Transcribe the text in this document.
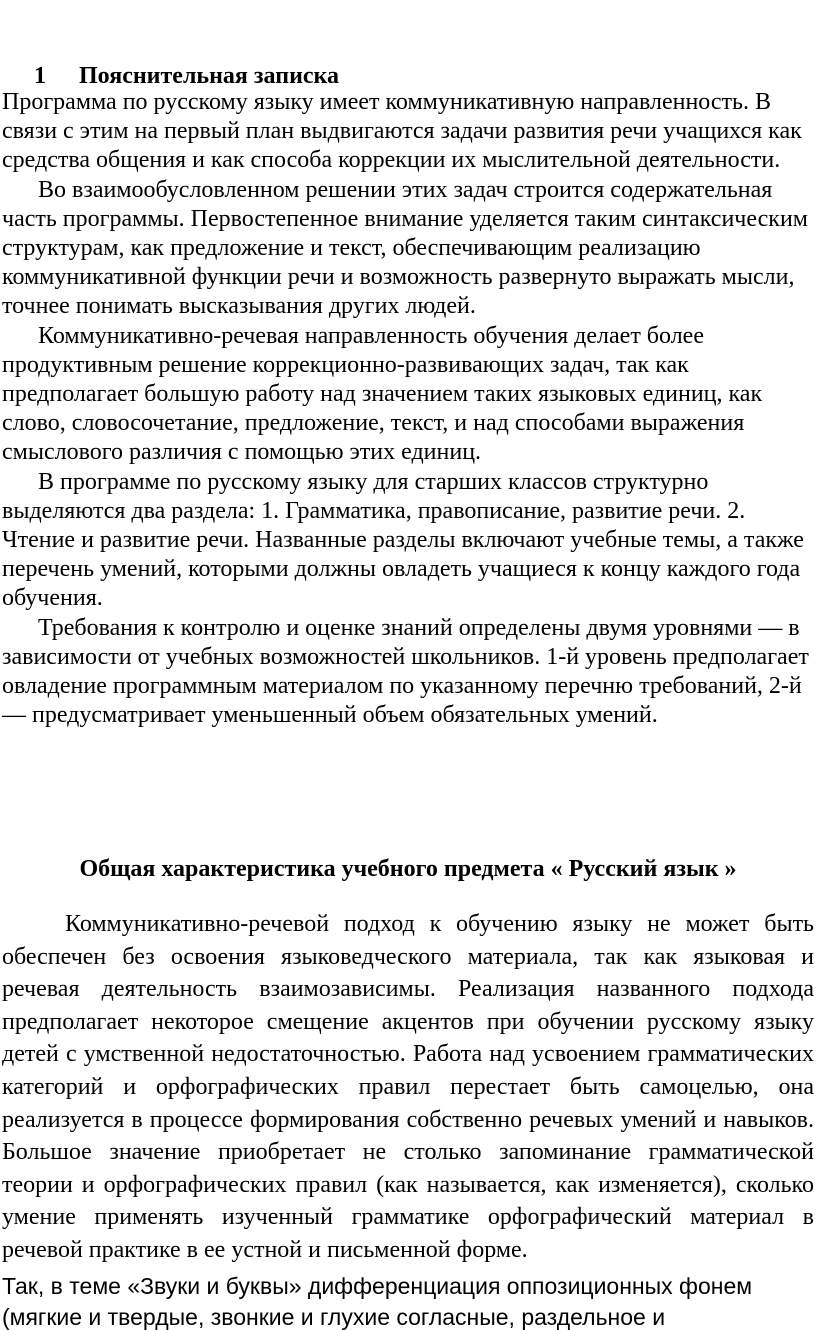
1 Пояснительная записка

Программа по русскому языку имеет коммуникативную направленность. В связи с этим на первый план выдвигаются задачи развития речи учащихся как средства общения и как способа коррекции их мыслительной деятельности.

Во взаимообусловленном решении этих задач строится содержательная часть программы. Первостепенное внимание уделяется таким синтаксическим структурам, как предложение и текст, обеспечивающим реализацию коммуникативной функции речи и возможность развернуто выражать мысли, точнее понимать высказывания других людей.

Коммуникативно-речевая направленность обучения делает более продуктивным решение коррекционно-развивающих задач, так как предполагает большую работу над значением таких языковых единиц, как слово, словосочетание, предложение, текст, и над способами выражения смыслового различия с помощью этих единиц.

В программе по русскому языку для старших классов структурно выделяются два раздела: 1. Грамматика, правописание, развитие речи. 2. Чтение и развитие речи. Названные разделы включают учебные темы, а также перечень умений, которыми должны овладеть учащиеся к концу каждого года обучения.

Требования к контролю и оценке знаний определены двумя уровнями — в зависимости от учебных возможностей школьников. 1-й уровень предполагает овладение программным материалом по указанному перечню требований, 2-й — предусматривает уменьшенный объем обязательных умений.

Общая характеристика учебного предмета « Русский язык »

Коммуникативно-речевой подход к обучению языку не может быть обеспечен без освоения языковедческого материала, так как языковая и речевая деятельность взаимозависимы. Реализация названного подхода предполагает некоторое смещение акцентов при обучении русскому языку детей с умственной недостаточностью. Работа над усвоением грамматических категорий и орфографических правил перестает быть самоцелью, она реализуется в процессе формирования собственно речевых умений и навыков. Большое значение приобретает не столько запоминание грамматической теории и орфографических правил (как называется, как изменяется), сколько умение применять изученный грамматике орфографический материал в речевой практике в ее устной и письменной форме.

Так, в теме «Звуки и буквы» дифференциация оппозиционных фонем

(мягкие и твердые, звонкие и глухие согласные, раздельное и
